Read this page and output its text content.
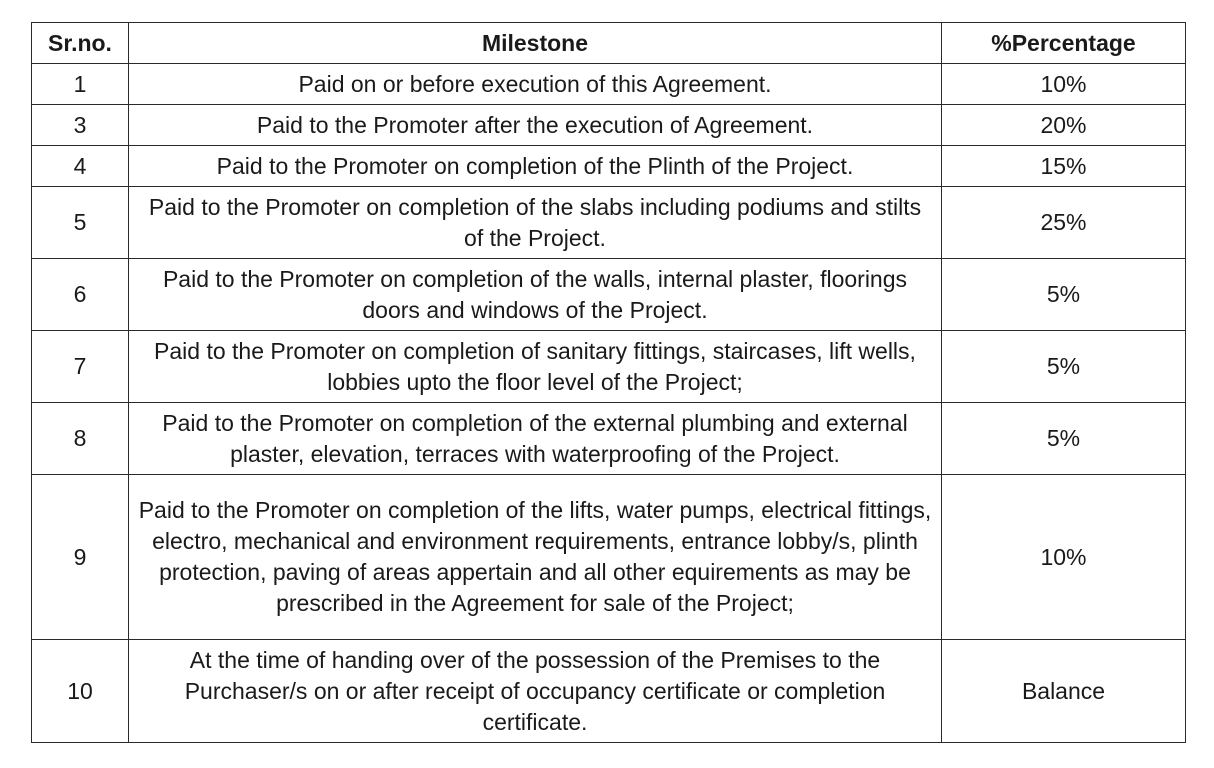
Sr.no.	Milestone	%Percentage
1	Paid on or before execution of this Agreement.	10%
3	Paid to the Promoter after the execution of Agreement.	20%
4	Paid to the Promoter on completion of the Plinth of the Project.	15%
5	Paid to the Promoter on completion of the slabs including podiums and stilts of the Project.	25%
6	Paid to the Promoter on completion of the walls, internal plaster, floorings doors and windows of the Project.	5%
7	Paid to the Promoter on completion of sanitary fittings, staircases, lift wells, lobbies upto the floor level of the Project;	5%
8	Paid to the Promoter on completion of the external plumbing and external plaster, elevation, terraces with waterproofing of the Project.	5%
9	Paid to the Promoter on completion of the lifts, water pumps, electrical fittings, electro, mechanical and environment requirements, entrance lobby/s, plinth protection, paving of areas appertain and all other equirements as may be prescribed in the Agreement for sale of the Project;	10%
10	At the time of handing over of the possession of the Premises to the Purchaser/s on or after receipt of occupancy certificate or completion certificate.	Balance
